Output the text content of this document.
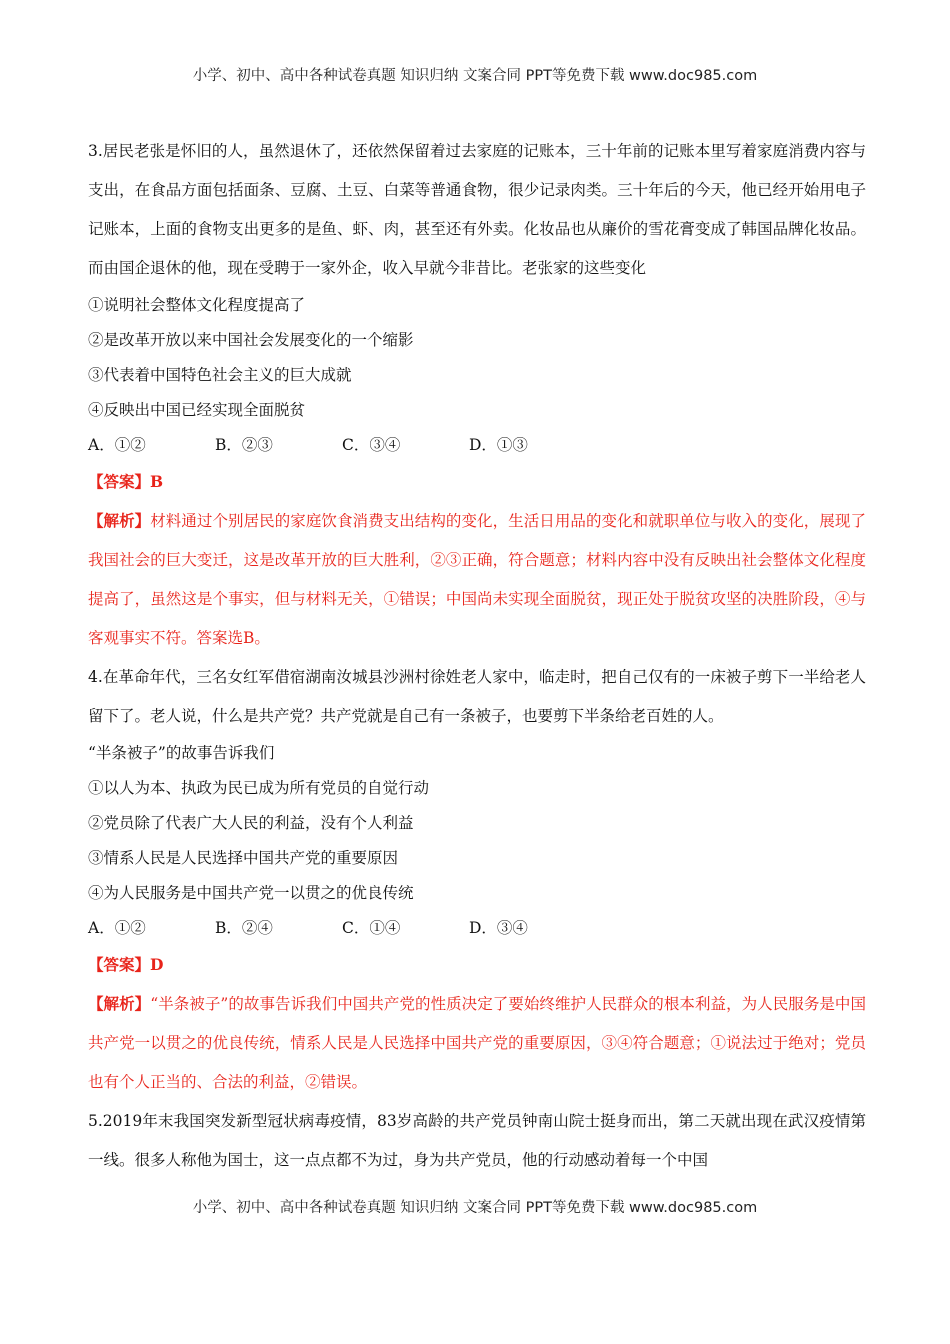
小学、初中、高中各种试卷真题 知识归纳 文案合同 PPT等免费下载 www.doc985.com

3.居民老张是怀旧的人，虽然退休了，还依然保留着过去家庭的记账本，三十年前的记账本里写着家庭消费内容与支出，在食品方面包括面条、豆腐、土豆、白菜等普通食物，很少记录肉类。三十年后的今天，他已经开始用电子记账本，上面的食物支出更多的是鱼、虾、肉，甚至还有外卖。化妆品也从廉价的雪花膏变成了韩国品牌化妆品。而由国企退休的他，现在受聘于一家外企，收入早就今非昔比。老张家的这些变化

①说明社会整体文化程度提高了

②是改革开放以来中国社会发展变化的一个缩影

③代表着中国特色社会主义的巨大成就

④反映出中国已经实现全面脱贫

A．①②	B．②③	C．③④	D．①③

【答案】B

【解析】材料通过个别居民的家庭饮食消费支出结构的变化，生活日用品的变化和就职单位与收入的变化，展现了我国社会的巨大变迁，这是改革开放的巨大胜利，②③正确，符合题意；材料内容中没有反映出社会整体文化程度提高了，虽然这是个事实，但与材料无关，①错误；中国尚未实现全面脱贫，现正处于脱贫攻坚的决胜阶段，④与客观事实不符。答案选B。

4.在革命年代，三名女红军借宿湖南汝城县沙洲村徐姓老人家中，临走时，把自己仅有的一床被子剪下一半给老人留下了。老人说，什么是共产党？共产党就是自己有一条被子，也要剪下半条给老百姓的人。

“半条被子”的故事告诉我们

①以人为本、执政为民已成为所有党员的自觉行动

②党员除了代表广大人民的利益，没有个人利益

③情系人民是人民选择中国共产党的重要原因

④为人民服务是中国共产党一以贯之的优良传统

A．①②	B．②④	C．①④	D．③④

【答案】D

【解析】“半条被子”的故事告诉我们中国共产党的性质决定了要始终维护人民群众的根本利益，为人民服务是中国共产党一以贯之的优良传统，情系人民是人民选择中国共产党的重要原因，③④符合题意；①说法过于绝对；党员也有个人正当的、合法的利益，②错误。

5.2019年末我国突发新型冠状病毒疫情，83岁高龄的共产党员钟南山院士挺身而出，第二天就出现在武汉疫情第一线。很多人称他为国士，这一点点都不为过，身为共产党员，他的行动感动着每一个中国

小学、初中、高中各种试卷真题 知识归纳 文案合同 PPT等免费下载 www.doc985.com
